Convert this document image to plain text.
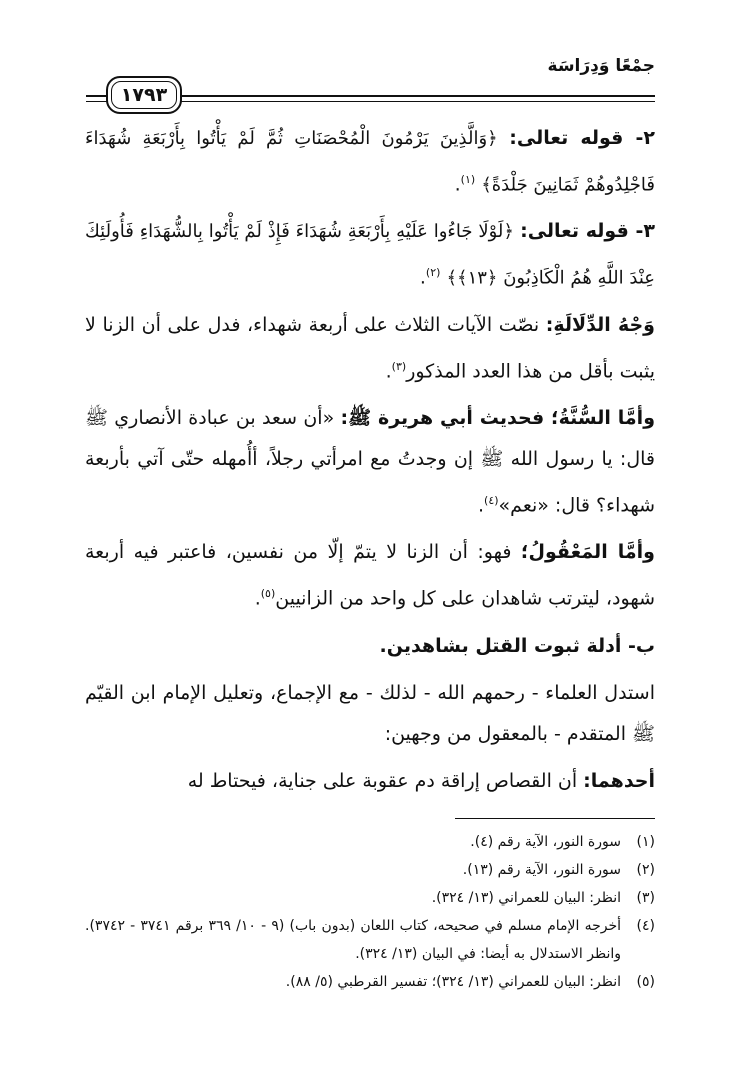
جمْعًا وَدِرَاسَة
١٧٩٣

٢- قوله تعالى: ﴿وَالَّذِينَ يَرْمُونَ الْمُحْصَنَاتِ ثُمَّ لَمْ يَأْتُوا بِأَرْبَعَةِ شُهَدَاءَ فَاجْلِدُوهُمْ ثَمَانِينَ جَلْدَةً﴾ $^{(١)}$.

٣- قوله تعالى: ﴿لَوْلَا جَاءُوا عَلَيْهِ بِأَرْبَعَةِ شُهَدَاءَ فَإِذْ لَمْ يَأْتُوا بِالشُّهَدَاءِ فَأُولَئِكَ عِنْدَ اللَّهِ هُمُ الْكَاذِبُونَ ﴿١٣﴾﴾ $^{(٢)}$.

وَجْهُ الدِّلَالَةِ: نصّت الآيات الثلاث على أربعة شهداء، فدل على أن الزنا لا يثبت بأقل من هذا العدد المذكور$^{(٣)}$.

وأمَّا السُّنَّةُ؛ فحديث أبي هريرة ﷺ: «أن سعد بن عبادة الأنصاري ﷺ قال: يا رسول الله ﷺ إن وجدتُ مع امرأتي رجلاً، أأُمهله حتّى آتي بأربعة شهداء؟ قال: «نعم»$^{(٤)}$.

وأمَّا المَعْقُولُ؛ فهو: أن الزنا لا يتمّ إلّا من نفسين، فاعتبر فيه أربعة شهود، ليترتب شاهدان على كل واحد من الزانيين$^{(٥)}$.

ب- أدلة ثبوت القتل بشاهدين.

استدل العلماء - رحمهم الله - لذلك - مع الإجماع، وتعليل الإمام ابن القيّم ﷺ المتقدم - بالمعقول من وجهين:

أحدهما: أن القصاص إراقة دم عقوبة على جناية، فيحتاط له

(١)
سورة النور، الآية رقم (٤).
(٢)
سورة النور، الآية رقم (١٣).
(٣)
انظر: البيان للعمراني (١٣/ ٣٢٤).
(٤)
أخرجه الإمام مسلم في صحيحه، كتاب اللعان (بدون باب) (٩ - ١٠/ ٣٦٩ برقم ٣٧٤١ - ٣٧٤٢). وانظر الاستدلال به أيضا: في البيان (١٣/ ٣٢٤).
(٥)
انظر: البيان للعمراني (١٣/ ٣٢٤)؛ تفسير القرطبي (٥/ ٨٨).
